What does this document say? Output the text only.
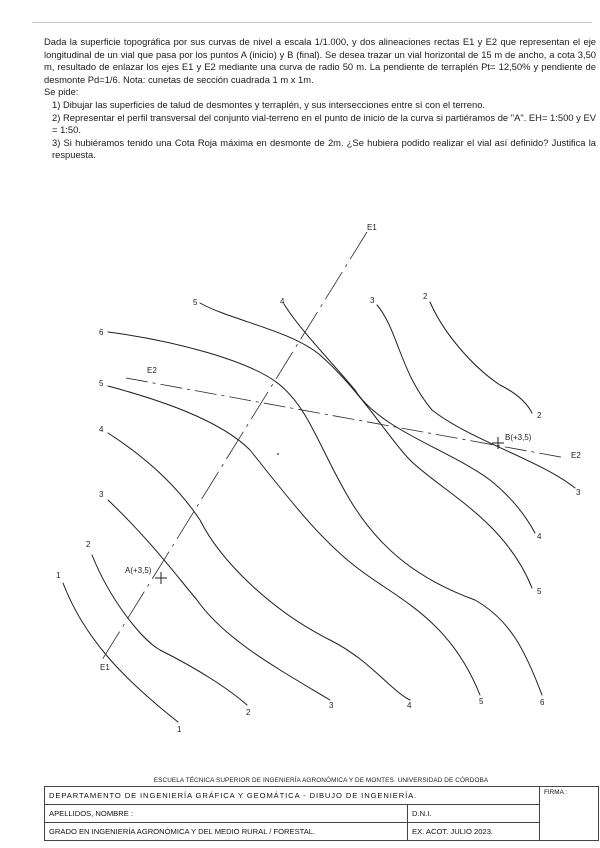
Dada la superficie topográfica por sus curvas de nivel a escala 1/1.000, y dos alineaciones rectas E1 y E2 que representan el eje longitudinal de un vial que pasa por los puntos A (inicio) y B (final). Se desea trazar un vial horizontal de 15 m de ancho, a cota 3,50 m, resultado de enlazar los ejes E1 y E2 mediante una curva de radio 50 m. La pendiente de terraplén Pt= 12,50% y pendiente de desmonte Pd=1/6. Nota: cunetas de sección cuadrada 1 m x 1m.

Se pide:

1) Dibujar las superficies de talud de desmontes y terraplén, y sus intersecciones entre sí con el terreno.

2) Representar el perfil transversal del conjunto vial-terreno en el punto de inicio de la curva si partiéramos de "A". EH= 1:500 y EV = 1:50.

3) Si hubiéramos tenido una Cota Roja máxima en desmonte de 2m. ¿Se hubiera podido realizar el vial así definido? Justifica la respuesta.

E1
E1
E2
E2
A(+3,5)
B(+3,5)
6
5
4
3
2
1
5	4	3	2
2
3
4
5
6
1
2
3	4	5
ESCUELA TÉCNICA SUPERIOR DE INGENIERÍA AGRONÓMICA Y DE MONTES. UNIVERSIDAD DE CÓRDOBA
DEPARTAMENTO DE INGENIERÍA GRÁFICA Y GEOMÁTICA - DIBUJO DE INGENIERÍA.		FIRMA :
APELLIDOS, NOMBRE :	D.N.I.	
GRADO EN INGENIERÍA AGRONÓMICA Y DEL MEDIO RURAL / FORESTAL.	EX. ACOT. JULIO 2023.	
